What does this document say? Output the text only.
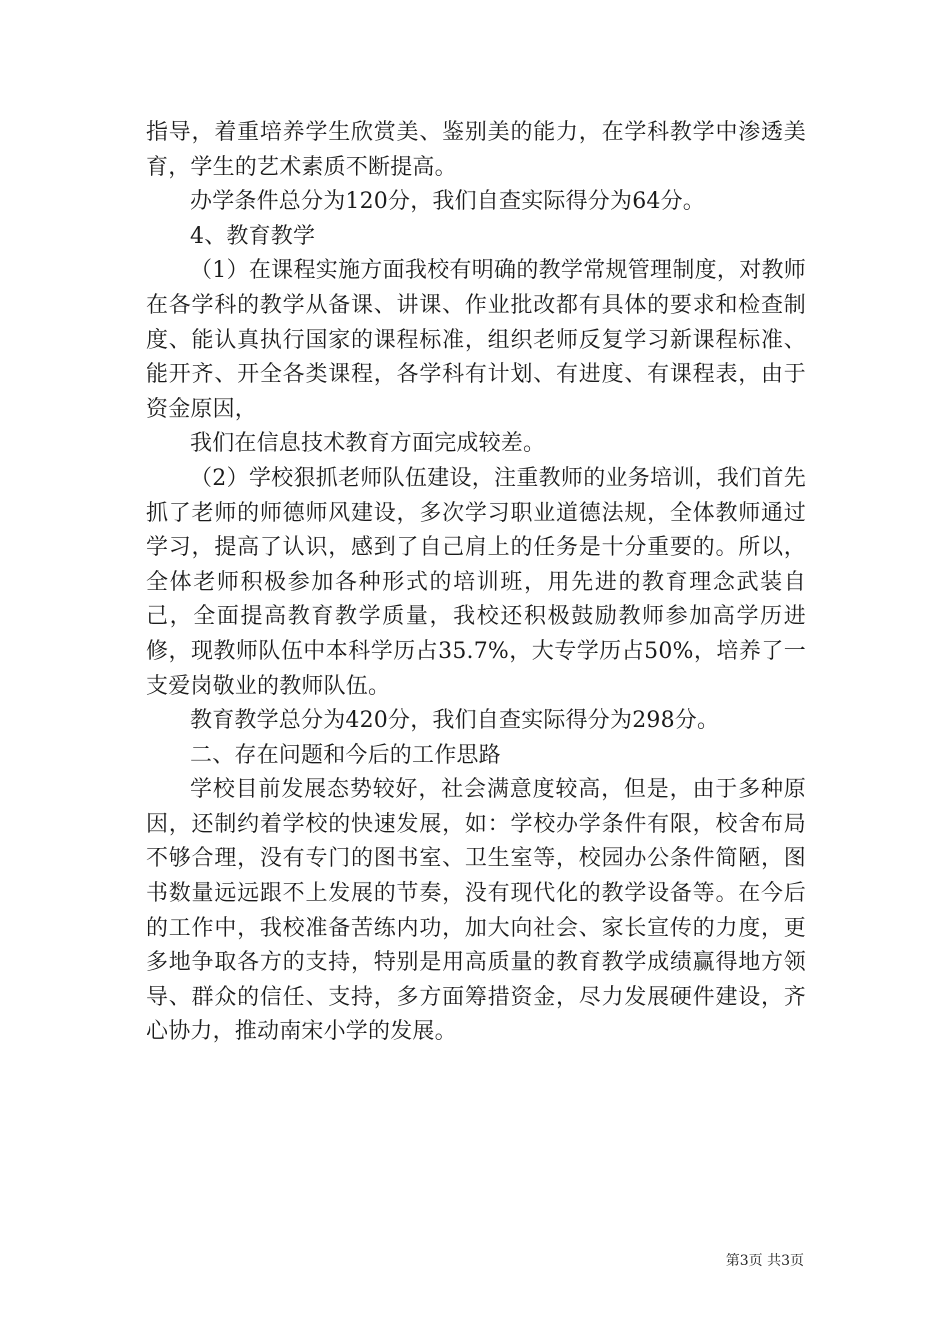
指导，着重培养学生欣赏美、鉴别美的能力，在学科教学中渗透美育，学生的艺术素质不断提高。

办学条件总分为120分，我们自查实际得分为64分。

4、教育教学

（1）在课程实施方面我校有明确的教学常规管理制度，对教师在各学科的教学从备课、讲课、作业批改都有具体的要求和检查制度、能认真执行国家的课程标准，组织老师反复学习新课程标准、能开齐、开全各类课程，各学科有计划、有进度、有课程表，由于资金原因，

我们在信息技术教育方面完成较差。

（2）学校狠抓老师队伍建设，注重教师的业务培训，我们首先抓了老师的师德师风建设，多次学习职业道德法规，全体教师通过学习，提高了认识，感到了自己肩上的任务是十分重要的。所以，全体老师积极参加各种形式的培训班，用先进的教育理念武装自己，全面提高教育教学质量，我校还积极鼓励教师参加高学历进修，现教师队伍中本科学历占35.7%，大专学历占50%，培养了一支爱岗敬业的教师队伍。

教育教学总分为420分，我们自查实际得分为298分。

二、存在问题和今后的工作思路

学校目前发展态势较好，社会满意度较高，但是，由于多种原因，还制约着学校的快速发展，如：学校办学条件有限，校舍布局不够合理，没有专门的图书室、卫生室等，校园办公条件简陋，图书数量远远跟不上发展的节奏，没有现代化的教学设备等。在今后的工作中，我校准备苦练内功，加大向社会、家长宣传的力度，更多地争取各方的支持，特别是用高质量的教育教学成绩赢得地方领导、群众的信任、支持，多方面筹措资金，尽力发展硬件建设，齐心协力，推动南宋小学的发展。

第3页 共3页
